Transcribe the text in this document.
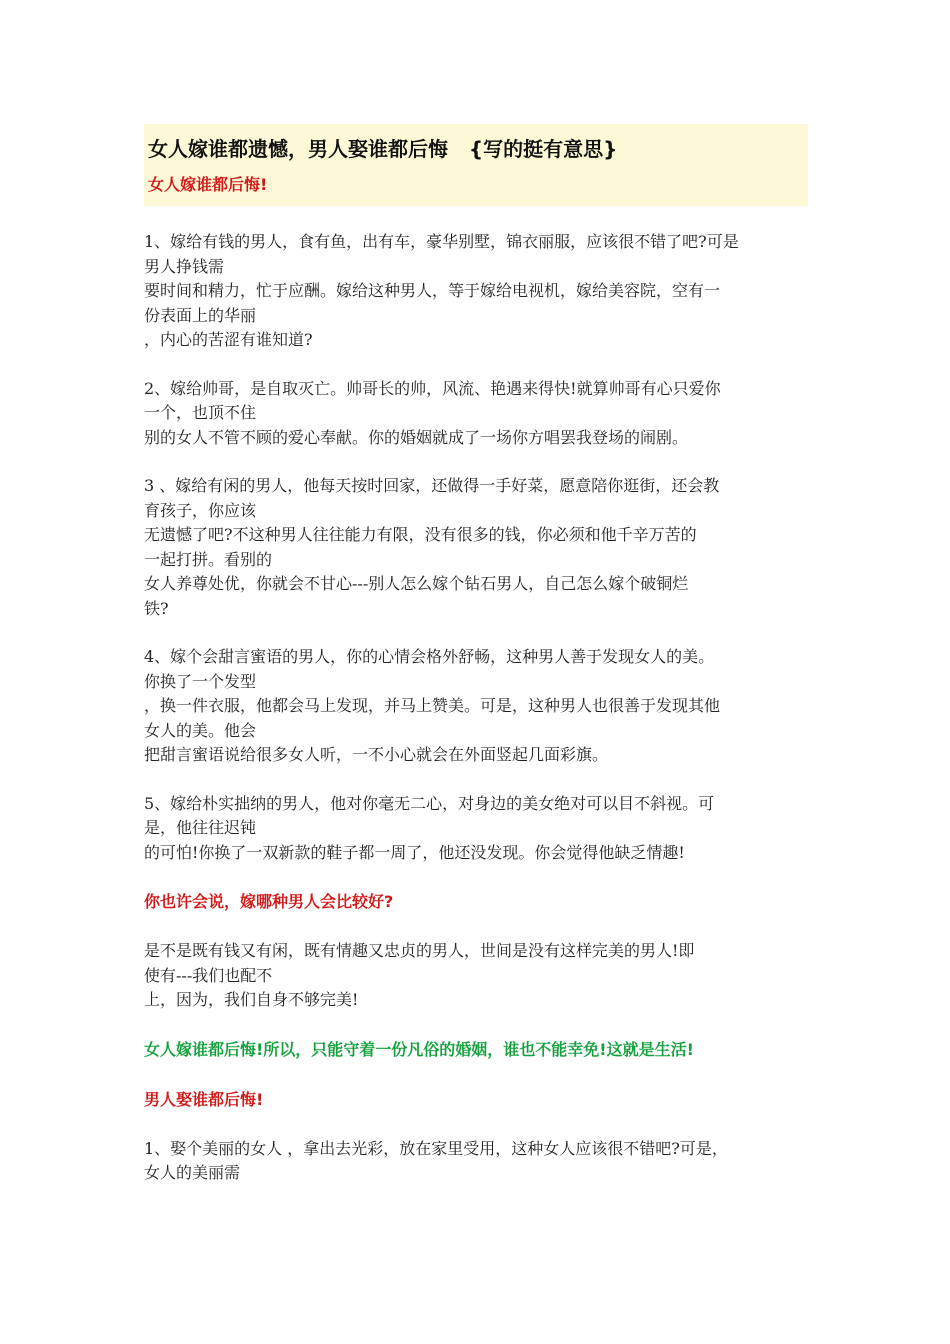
女人嫁谁都遗憾，男人娶谁都后悔   {写的挺有意思}
女人嫁谁都后悔!
1、嫁给有钱的男人，食有鱼，出有车，豪华别墅，锦衣丽服，应该很不错了吧?可是
男人挣钱需
要时间和精力，忙于应酬。嫁给这种男人，等于嫁给电视机，嫁给美容院，空有一
份表面上的华丽
，内心的苦涩有谁知道?
2、嫁给帅哥，是自取灭亡。帅哥长的帅，风流、艳遇来得快!就算帅哥有心只爱你
一个，也顶不住
别的女人不管不顾的爱心奉献。你的婚姻就成了一场你方唱罢我登场的闹剧。
3 、嫁给有闲的男人，他每天按时回家，还做得一手好菜，愿意陪你逛街，还会教
育孩子，你应该
无遗憾了吧?不这种男人往往能力有限，没有很多的钱，你必须和他千辛万苦的
一起打拼。看别的
女人养尊处优，你就会不甘心---别人怎么嫁个钻石男人，自己怎么嫁个破铜烂
铁?
4、嫁个会甜言蜜语的男人，你的心情会格外舒畅，这种男人善于发现女人的美。
你换了一个发型
，换一件衣服，他都会马上发现，并马上赞美。可是，这种男人也很善于发现其他
女人的美。他会
把甜言蜜语说给很多女人听，一不小心就会在外面竖起几面彩旗。
5、嫁给朴实拙纳的男人，他对你毫无二心，对身边的美女绝对可以目不斜视。可
是，他往往迟钝
的可怕!你换了一双新款的鞋子都一周了，他还没发现。你会觉得他缺乏情趣!
你也许会说，嫁哪种男人会比较好?
是不是既有钱又有闲，既有情趣又忠贞的男人，世间是没有这样完美的男人!即
使有---我们也配不
上，因为，我们自身不够完美!
女人嫁谁都后悔!所以，只能守着一份凡俗的婚姻，谁也不能幸免!这就是生活!
男人娶谁都后悔!
1、娶个美丽的女人 ，拿出去光彩，放在家里受用，这种女人应该很不错吧?可是，
女人的美丽需
